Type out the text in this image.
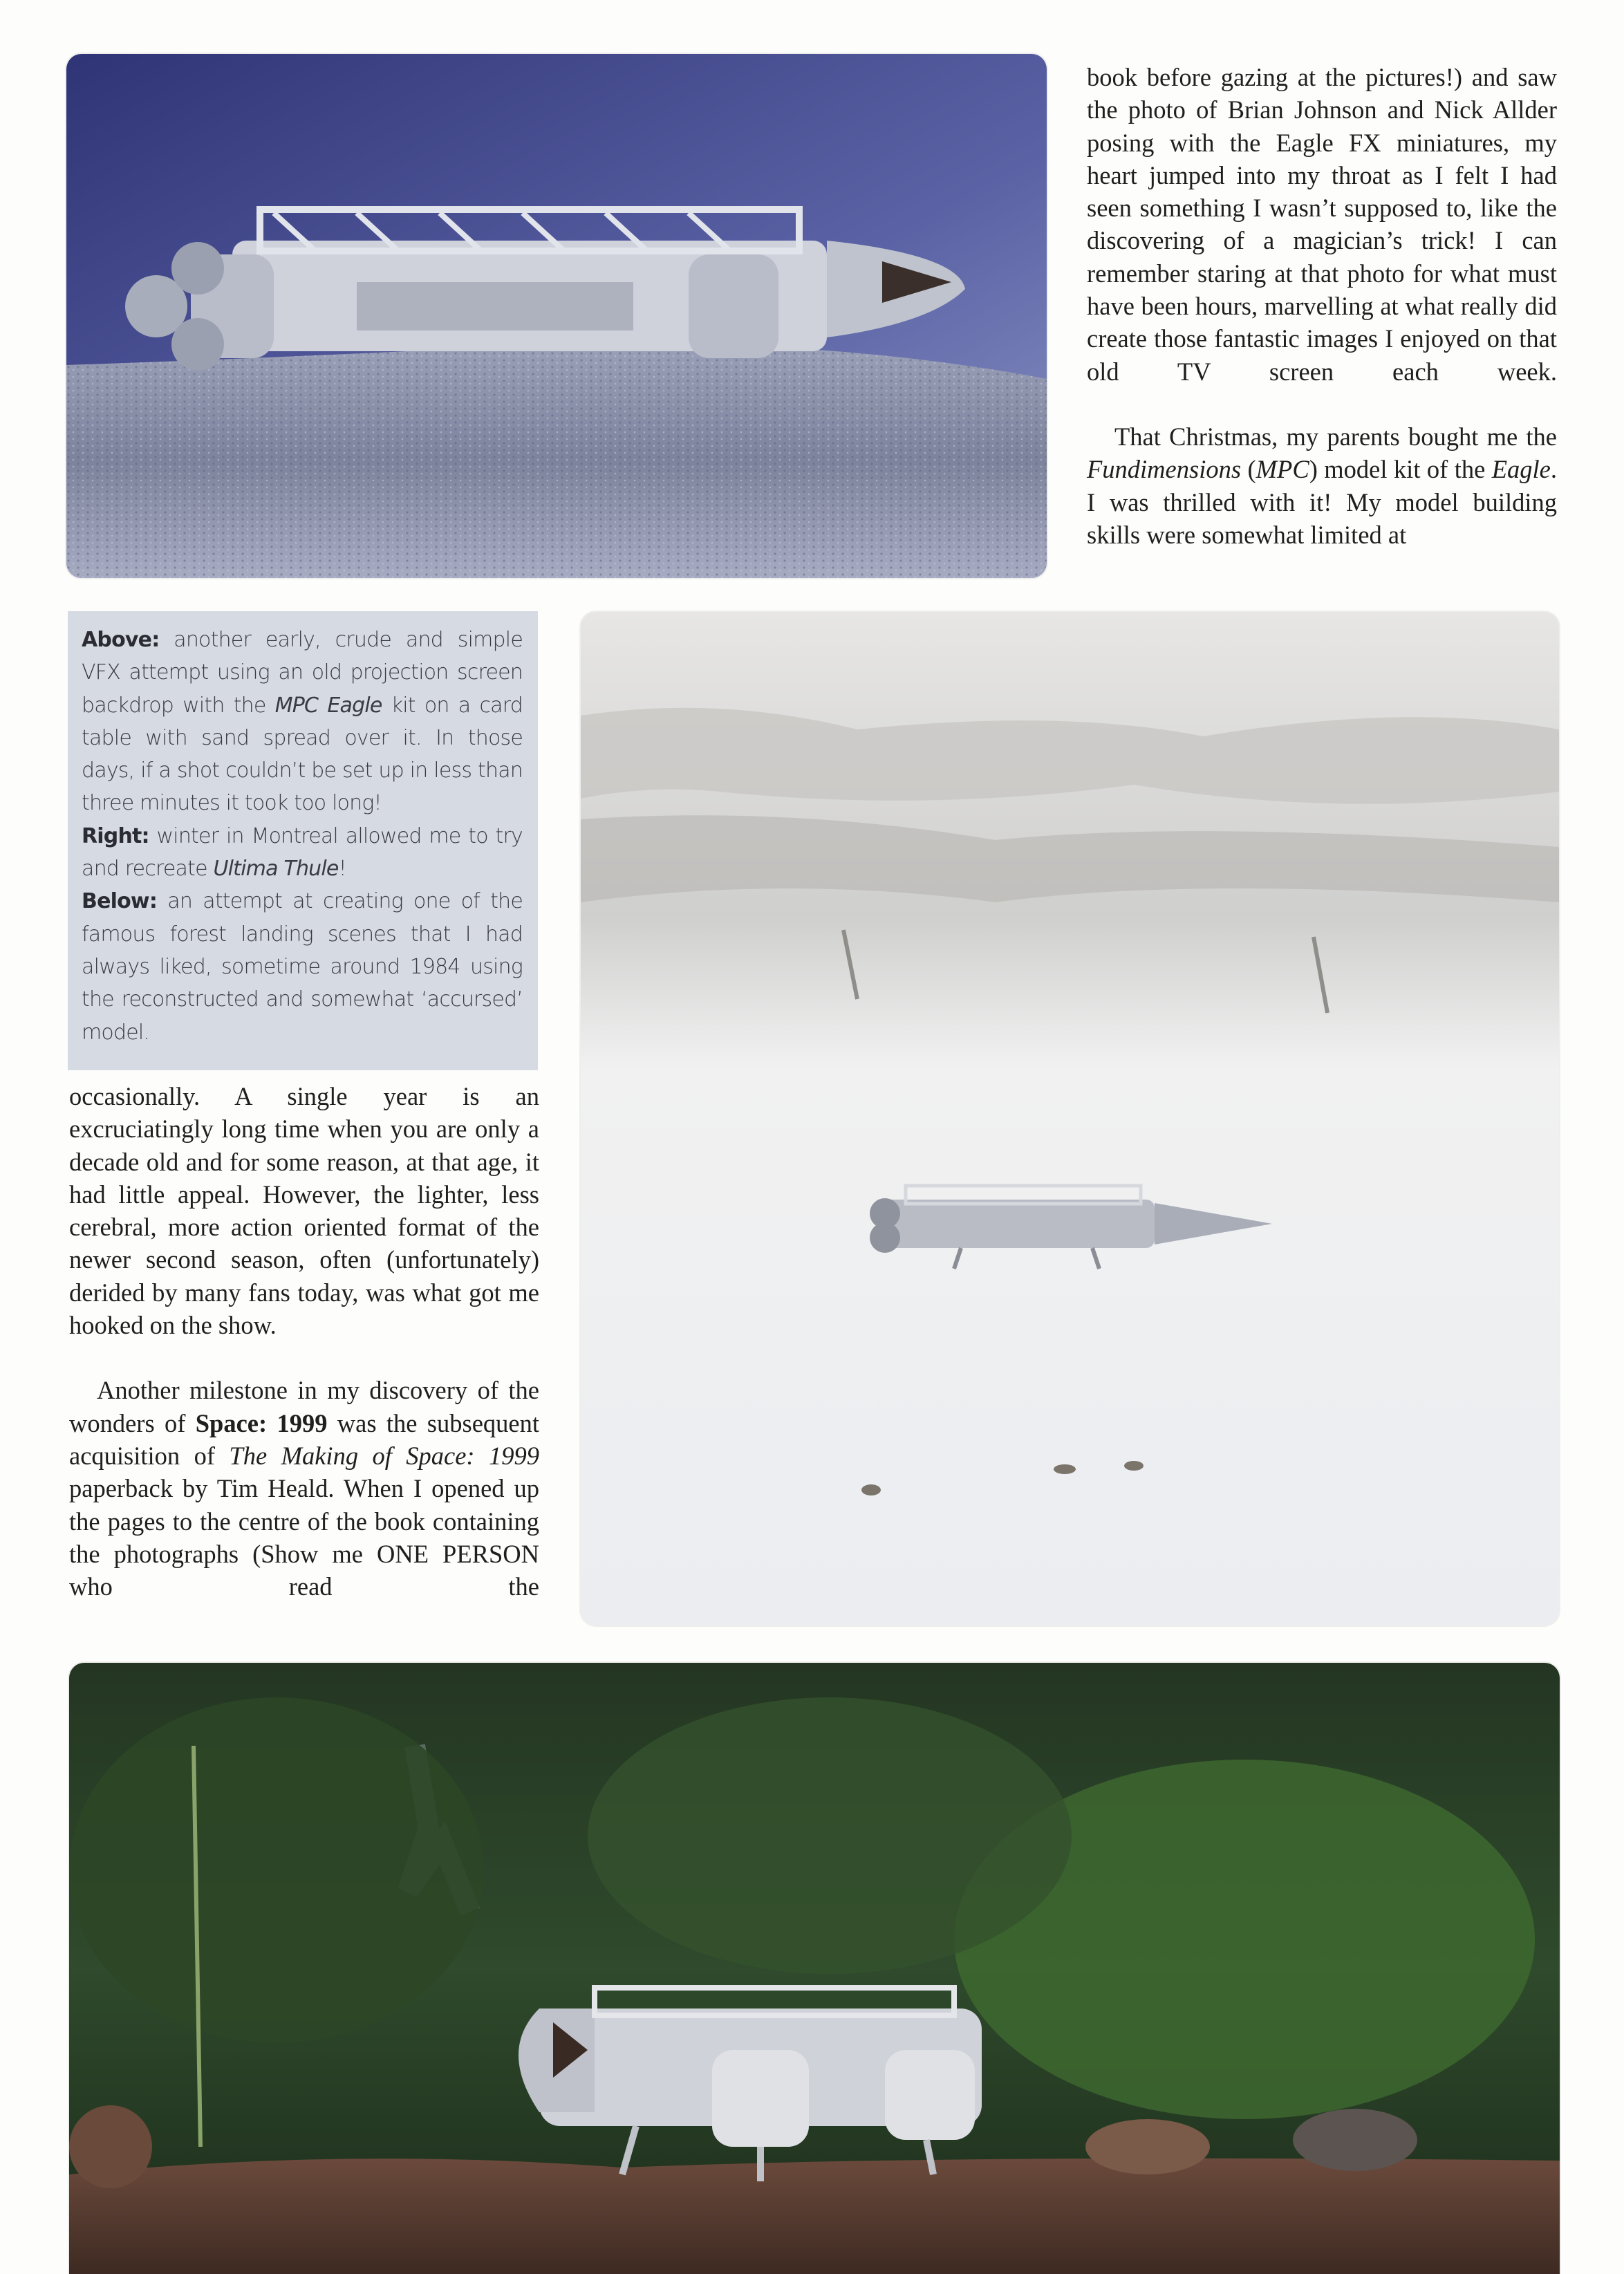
book before gazing at the pictures!) and saw the photo of Brian Johnson and Nick Allder posing with the Eagle FX miniatures, my heart jumped into my throat as I felt I had seen something I wasn’t supposed to, like the discovering of a magician’s trick! I can remember staring at that photo for what must have been hours, marvelling at what really did create those fantastic images I enjoyed on that old TV screen each week.

That Christmas, my parents bought me the Fundimensions (MPC) model kit of the Eagle. I was thrilled with it! My model building skills were somewhat limited at

Above: another early, crude and simple VFX attempt using an old projection screen backdrop with the MPC Eagle kit on a card table with sand spread over it. In those days, if a shot couldn’t be set up in less than three minutes it took too long!

Right: winter in Montreal allowed me to try and recreate Ultima Thule!

Below: an attempt at creating one of the famous forest landing scenes that I had always liked, sometime around 1984 using the reconstructed and somewhat ‘accursed’ model.

occasionally. A single year is an excruciatingly long time when you are only a decade old and for some reason, at that age, it had little appeal. However, the lighter, less cerebral, more action oriented format of the newer second season, often (unfortunately) derided by many fans today, was what got me hooked on the show.

Another milestone in my discovery of the wonders of Space: 1999 was the subsequent acquisition of The Making of Space: 1999 paperback by Tim Heald. When I opened up the pages to the centre of the book containing the photographs (Show me ONE PERSON who read the
